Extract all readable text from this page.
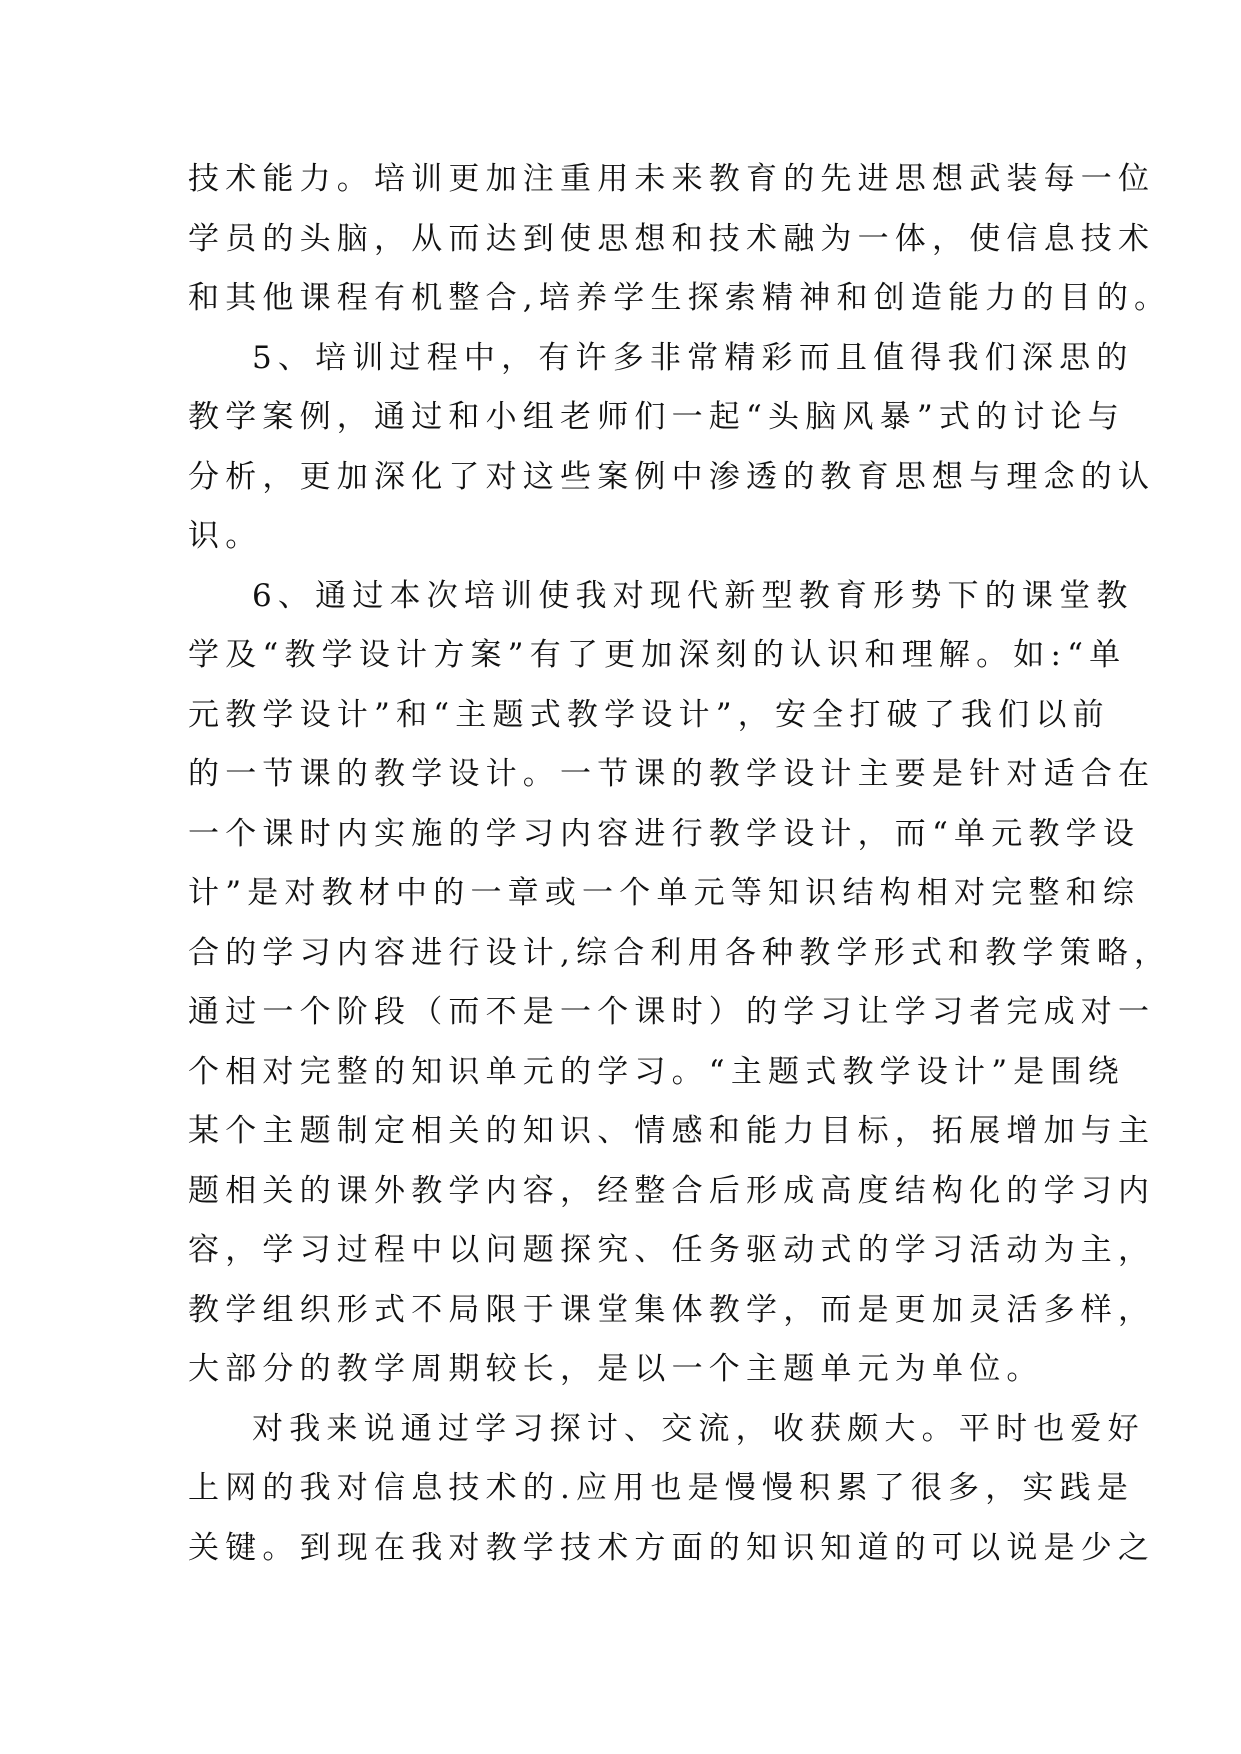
技术能力。培训更加注重用未来教育的先进思想武装每一位
学员的头脑，从而达到使思想和技术融为一体，使信息技术
和其他课程有机整合,培养学生探索精神和创造能力的目的。
5、培训过程中，有许多非常精彩而且值得我们深思的
教学案例，通过和小组老师们一起“头脑风暴”式的讨论与
分析，更加深化了对这些案例中渗透的教育思想与理念的认
识。
6、通过本次培训使我对现代新型教育形势下的课堂教
学及“教学设计方案”有了更加深刻的认识和理解。如:“单
元教学设计”和“主题式教学设计”，安全打破了我们以前
的一节课的教学设计。一节课的教学设计主要是针对适合在
一个课时内实施的学习内容进行教学设计，而“单元教学设
计”是对教材中的一章或一个单元等知识结构相对完整和综
合的学习内容进行设计,综合利用各种教学形式和教学策略，
通过一个阶段（而不是一个课时）的学习让学习者完成对一
个相对完整的知识单元的学习。“主题式教学设计”是围绕
某个主题制定相关的知识、情感和能力目标，拓展增加与主
题相关的课外教学内容，经整合后形成高度结构化的学习内
容，学习过程中以问题探究、任务驱动式的学习活动为主，
教学组织形式不局限于课堂集体教学，而是更加灵活多样，
大部分的教学周期较长，是以一个主题单元为单位。
对我来说通过学习探讨、交流，收获颇大。平时也爱好
上网的我对信息技术的.应用也是慢慢积累了很多，实践是
关键。到现在我对教学技术方面的知识知道的可以说是少之
